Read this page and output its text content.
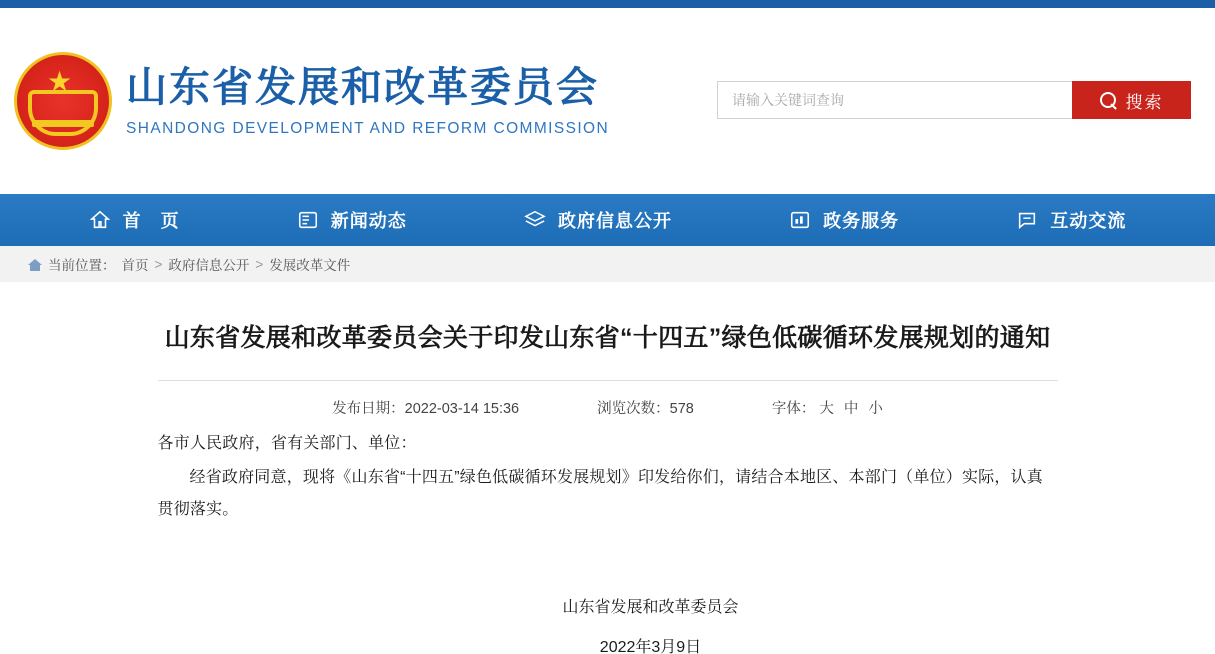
★ 山东省发展和改革委员会
SHANDONG DEVELOPMENT AND REFORM COMMISSION
请输入关键词查询
搜索
首　页	新闻动态	政府信息公开	政务服务	互动交流
当前位置： 首页 > 政府信息公开 > 发展改革文件
山东省发展和改革委员会关于印发山东省“十四五”绿色低碳循环发展规划的通知
发布日期：2022-03-14 15:36	浏览次数：578	字体： 大 中 小

各市人民政府，省有关部门、单位：

经省政府同意，现将《山东省“十四五”绿色低碳循环发展规划》印发给你们，请结合本地区、本部门（单位）实际，认真贯彻落实。

山东省发展和改革委员会
2022年3月9日
